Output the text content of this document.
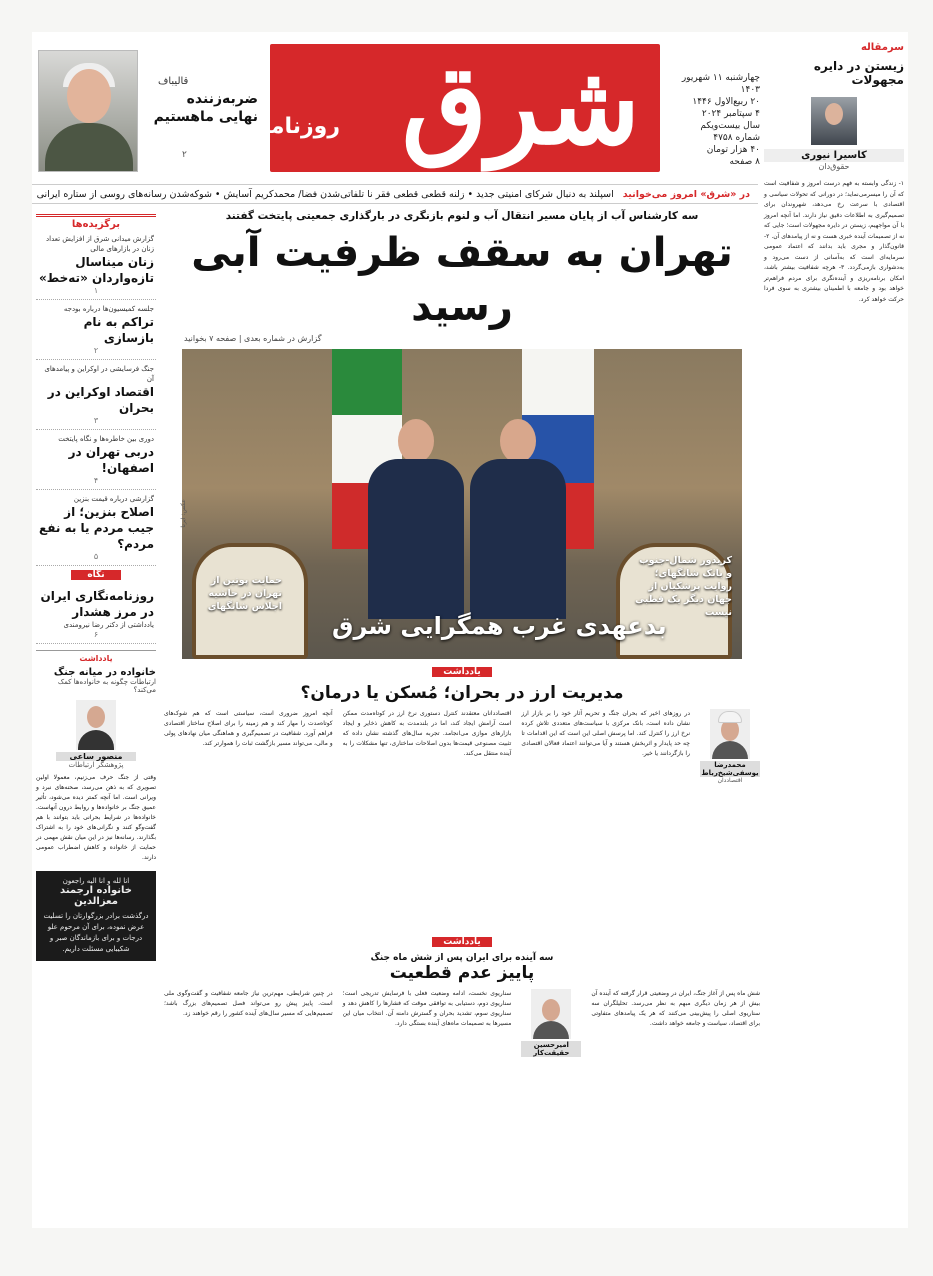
شرق
روزنامه
چهارشنبه ۱۱ شهریور ۱۴۰۳
۲۰ ربیع‌الاول ۱۴۴۶
۴ سپتامبر ۲۰۲۴
سال بیست‌ویکم
شماره ۴۷۵۸
۴۰ هزار تومان
۸ صفحه
قالیباف
ضربه‌زننده نهایی ماهستیم
۲
در «شرق» امروز می‌خوانید اسپلند به دنبال شرکای امنیتی جدید • زلنه قطعی قطعی فقر نا تلفاتی‌شدن فضا/ محمدکریم آسایش • شوکه‌شدن رسانه‌های روسی از ستاره ایرانی
سرمقاله
زیستن در دایره مجهولات
کاسیرا نیوری
حقوق‌دان
۱- زندگی وابسته به فهم درست امروز و شفافیت است که آن را میسرمی‌نماید؛ در دورانی که تحولات سیاسی و اقتصادی با سرعت رخ می‌دهد، شهروندان برای تصمیم‌گیری به اطلاعات دقیق نیاز دارند. اما آنچه امروز با آن مواجهیم، زیستن در دایره مجهولات است؛ جایی که نه از تصمیمات آینده خبری هست و نه از پیامدهای آن. ۲- قانون‌گذار و مجری باید بدانند که اعتماد عمومی سرمایه‌ای است که به‌آسانی از دست می‌رود و به‌دشواری بازمی‌گردد. ۳- هرچه شفافیت بیشتر باشد، امکان برنامه‌ریزی و آینده‌نگری برای مردم فراهم‌تر خواهد بود و جامعه با اطمینان بیشتری به سوی فردا حرکت خواهد کرد.
برگزیده‌ها
گزارش میدانی شرق از افزایش تعداد زنان در بازارهای مالی
زنان میناسال تازه‌واردان «تەخط»
۱
جلسه کمیسیون‌ها درباره بودجه
تراکم به نام بازسازی
۲
جنگ فرسایشی در اوکراین و پیامدهای آن
اقتصاد اوکراین در بحران
۳
دوری بین خاطره‌ها و نگاه پایتخت
دربی تهران در اصفهان!
۴
گزارشی درباره قیمت بنزین
اصلاح بنزین؛ از جیب مردم یا به نفع مردم؟
۵
نگاه
روزنامه‌نگاری ایران در مرز هشدار
یادداشتی از دکتر رضا نیرومندی
۶
یادداشت
خانواده در میانه جنگ
ارتباطات چگونه به خانواده‌ها کمک می‌کند؟
منصور ساعی
پژوهشگر ارتباطات
وقتی از جنگ حرف می‌زنیم، معمولا اولین تصویری که به ذهن می‌رسد، صحنه‌های نبرد و ویرانی است. اما آنچه کمتر دیده می‌شود، تأثیر عمیق جنگ بر خانواده‌ها و روابط درون آنهاست. خانواده‌ها در شرایط بحرانی باید بتوانند با هم گفت‌وگو کنند و نگرانی‌های خود را به اشتراک بگذارند. رسانه‌ها نیز در این میان نقش مهمی در حمایت از خانواده و کاهش اضطراب عمومی دارند.
انا لله و انا الیه راجعون
خانواده ارجمند معزالدین
درگذشت برادر بزرگوارتان را تسلیت عرض نموده، برای آن مرحوم علو درجات و برای بازماندگان صبر و شکیبایی مسئلت داریم.
سه کارشناس آب از پایان مسیر انتقال آب و لنوم بازنگری در بارگذاری جمعیتی پایتخت گفتند
تهران به سقف ظرفیت آبی رسید
گزارش در شماره بعدی | صفحه ۷ بخوانید
بدعهدی غرب همگرایی شرق
کریدور شمال-جنوب و بانک شانگهای؛ روایت پزشکیان از جهان دیگر یک قطبی نیست
حمایت پوتین از تهران در حاشیه اجلاس شانگهای
عکس: ایرنا
یادداشت
مدیریت ارز در بحران؛ مُسکن یا درمان؟
محمدرضا یوسفی‌شیخ‌رباط
اقتصاددان
در روزهای اخیر که بحران جنگ و تحریم آثار خود را بر بازار ارز نشان داده است، بانک مرکزی با سیاست‌های متعددی تلاش کرده نرخ ارز را کنترل کند. اما پرسش اصلی این است که این اقدامات تا چه حد پایدار و اثربخش هستند و آیا می‌توانند اعتماد فعالان اقتصادی را بازگردانند یا خیر.
اقتصاددانان معتقدند کنترل دستوری نرخ ارز در کوتاه‌مدت ممکن است آرامش ایجاد کند، اما در بلندمدت به کاهش ذخایر و ایجاد بازارهای موازی می‌انجامد. تجربه سال‌های گذشته نشان داده که تثبیت مصنوعی قیمت‌ها بدون اصلاحات ساختاری، تنها مشکلات را به آینده منتقل می‌کند.
آنچه امروز ضروری است، سیاستی است که هم شوک‌های کوتاه‌مدت را مهار کند و هم زمینه را برای اصلاح ساختار اقتصادی فراهم آورد. شفافیت در تصمیم‌گیری و هماهنگی میان نهادهای پولی و مالی، می‌تواند مسیر بازگشت ثبات را هموارتر کند.
یادداشت
سه آینده برای ایران پس از شش ماه جنگ
پاییز عدم قطعیت
شش ماه پس از آغاز جنگ، ایران در وضعیتی قرار گرفته که آینده آن بیش از هر زمان دیگری مبهم به نظر می‌رسد. تحلیلگران سه سناریوی اصلی را پیش‌بینی می‌کنند که هر یک پیامدهای متفاوتی برای اقتصاد، سیاست و جامعه خواهد داشت.
امیرحسین حقیقت‌کار
سناریوی نخست، ادامه وضعیت فعلی با فرسایش تدریجی است؛ سناریوی دوم، دستیابی به توافقی موقت که فشارها را کاهش دهد و سناریوی سوم، تشدید بحران و گسترش دامنه آن. انتخاب میان این مسیرها به تصمیمات ماه‌های آینده بستگی دارد.
در چنین شرایطی، مهم‌ترین نیاز جامعه شفافیت و گفت‌وگوی ملی است. پاییز پیش رو می‌تواند فصل تصمیم‌های بزرگ باشد؛ تصمیم‌هایی که مسیر سال‌های آینده کشور را رقم خواهند زد.
